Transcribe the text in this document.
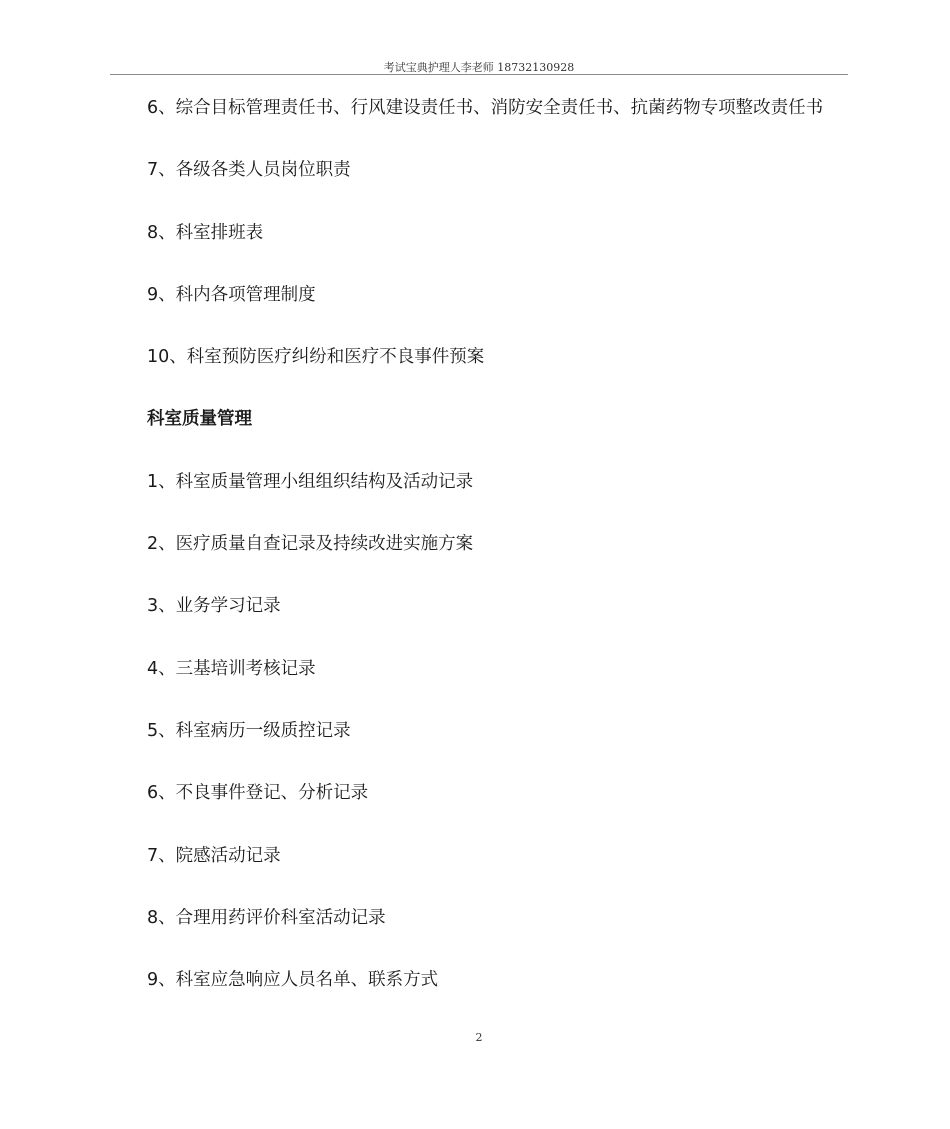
考试宝典护理人李老师 18732130928
6、综合目标管理责任书、行风建设责任书、消防安全责任书、抗菌药物专项整改责任书
7、各级各类人员岗位职责
8、科室排班表
9、科内各项管理制度
10、科室预防医疗纠纷和医疗不良事件预案
科室质量管理
1、科室质量管理小组组织结构及活动记录
2、医疗质量自查记录及持续改进实施方案
3、业务学习记录
4、三基培训考核记录
5、科室病历一级质控记录
6、不良事件登记、分析记录
7、院感活动记录
8、合理用药评价科室活动记录
9、科室应急响应人员名单、联系方式
2
